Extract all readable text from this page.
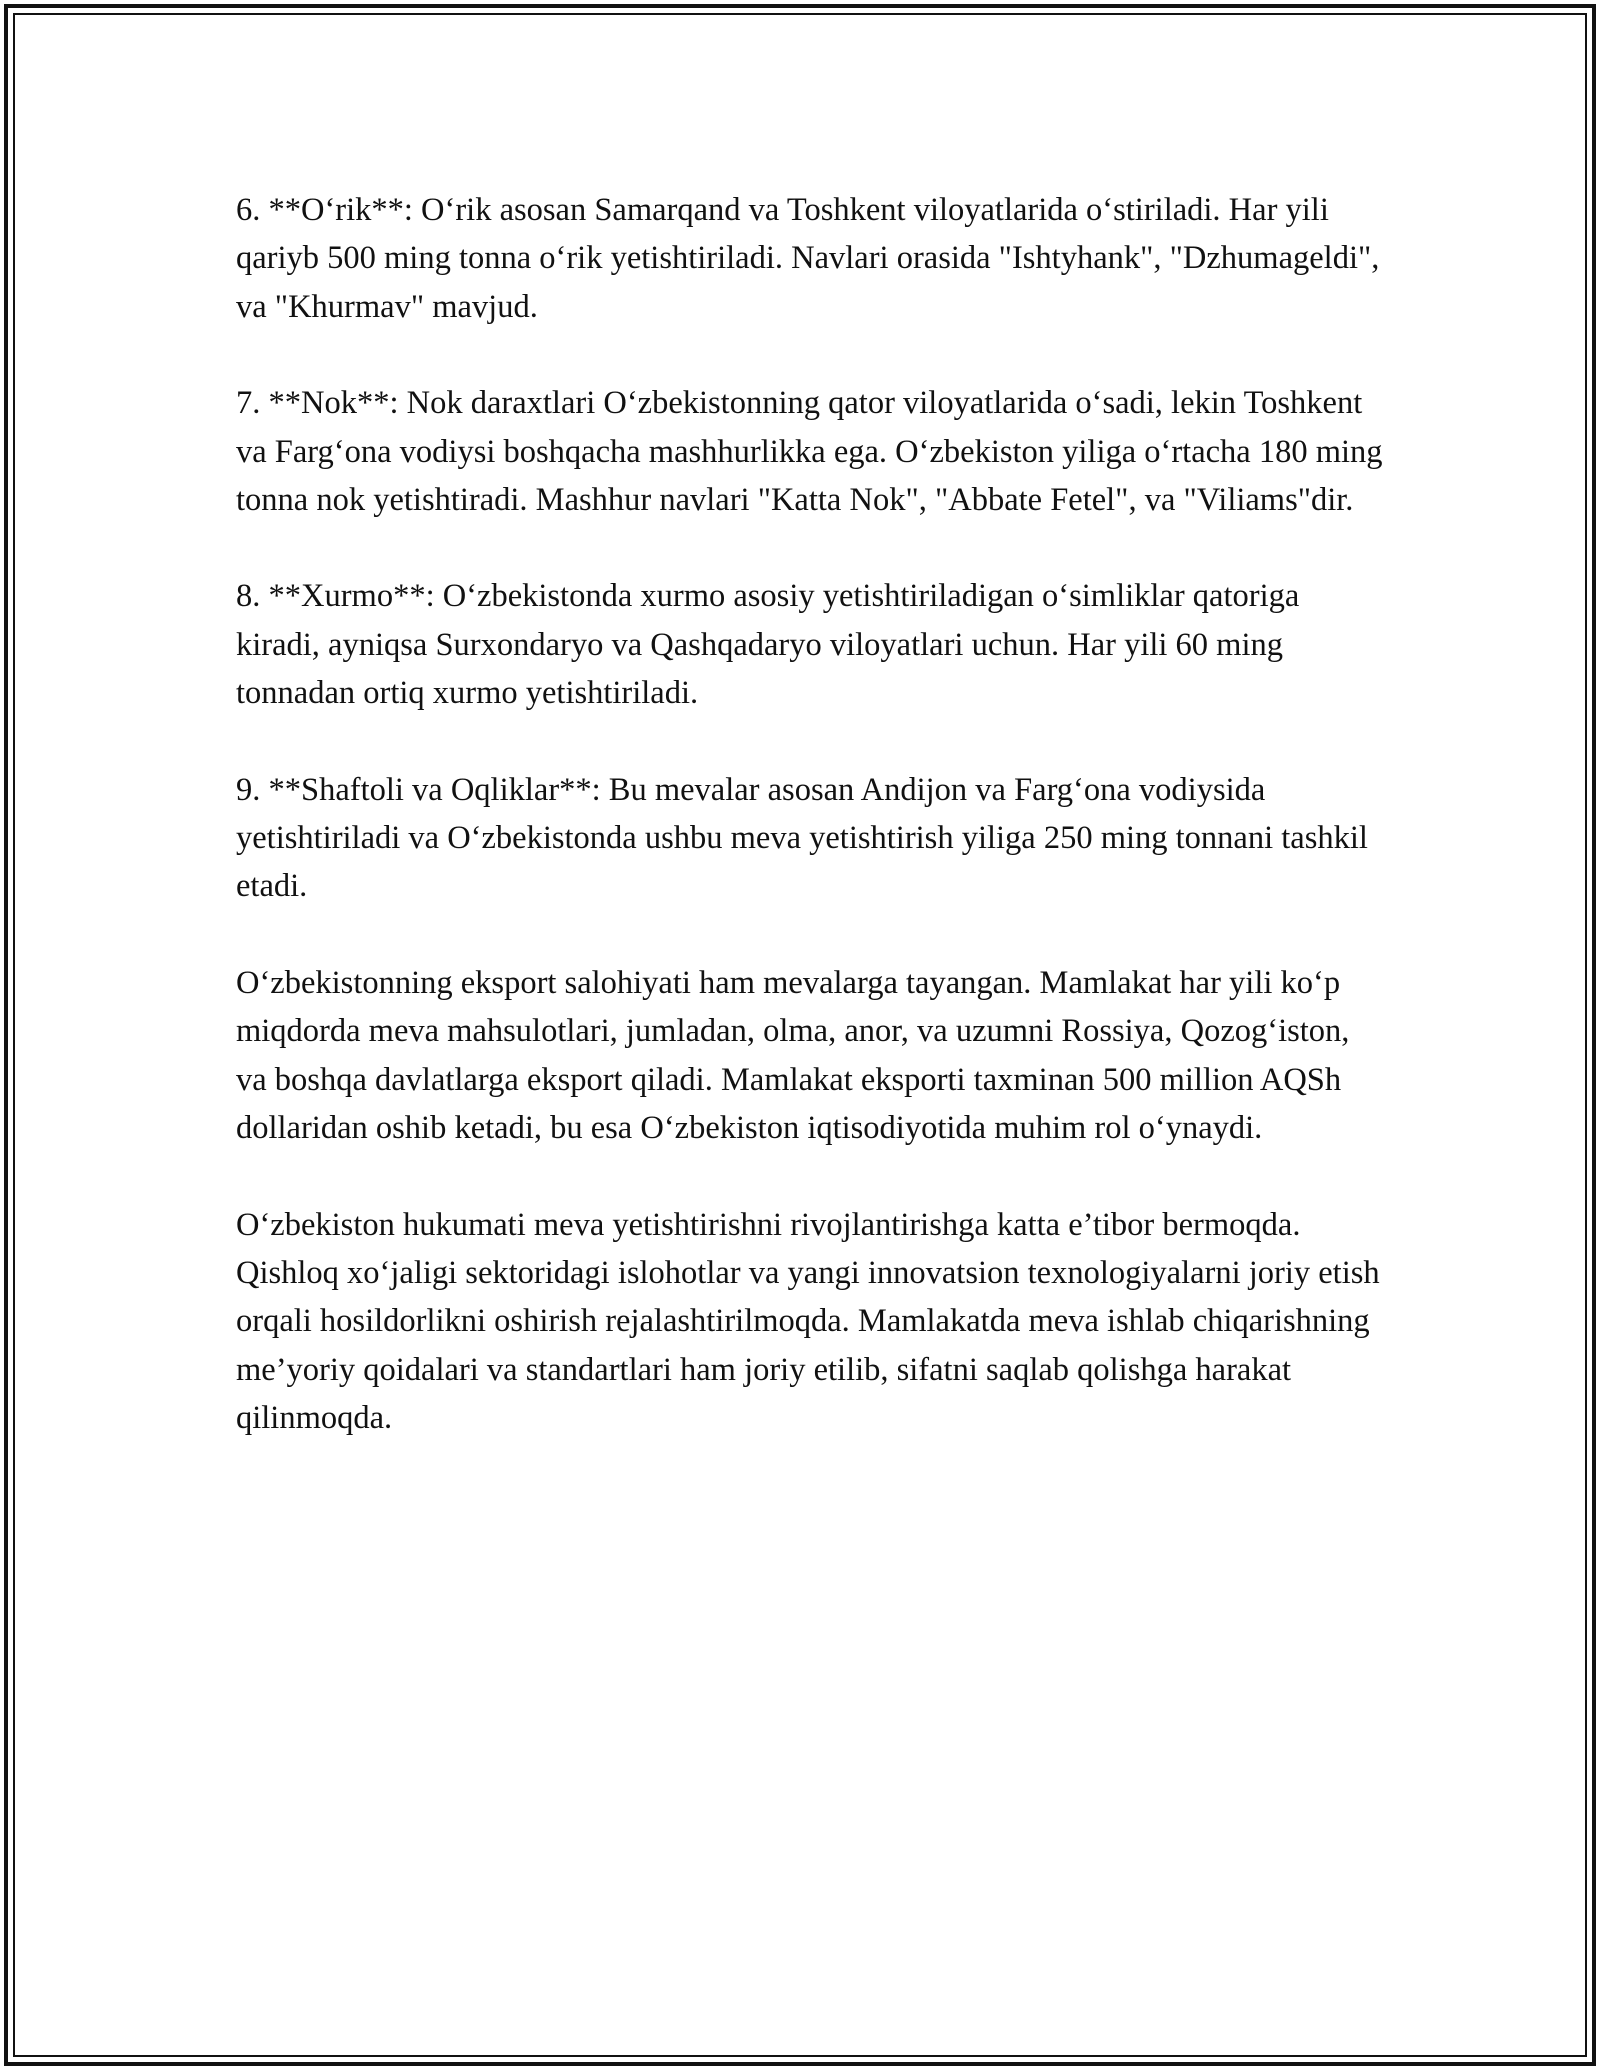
6. **O‘rik**: O‘rik asosan Samarqand va Toshkent viloyatlarida o‘stiriladi. Har yili qariyb 500 ming tonna o‘rik yetishtiriladi. Navlari orasida "Ishtyhank", "Dzhumageldi", va "Khurmav" mavjud.

7. **Nok**: Nok daraxtlari O‘zbekistonning qator viloyatlarida o‘sadi, lekin Toshkent va Farg‘ona vodiysi boshqacha mashhurlikka ega. O‘zbekiston yiliga o‘rtacha 180 ming tonna nok yetishtiradi. Mashhur navlari "Katta Nok", "Abbate Fetel", va "Viliams"dir.

8. **Xurmo**: O‘zbekistonda xurmo asosiy yetishtiriladigan o‘simliklar qatoriga kiradi, ayniqsa Surxondaryo va Qashqadaryo viloyatlari uchun. Har yili 60 ming tonnadan ortiq xurmo yetishtiriladi.

9. **Shaftoli va Oqliklar**: Bu mevalar asosan Andijon va Farg‘ona vodiysida yetishtiriladi va O‘zbekistonda ushbu meva yetishtirish yiliga 250 ming tonnani tashkil etadi.

O‘zbekistonning eksport salohiyati ham mevalarga tayangan. Mamlakat har yili ko‘p miqdorda meva mahsulotlari, jumladan, olma, anor, va uzumni Rossiya, Qozog‘iston, va boshqa davlatlarga eksport qiladi. Mamlakat eksporti taxminan 500 million AQSh dollaridan oshib ketadi, bu esa O‘zbekiston iqtisodiyotida muhim rol o‘ynaydi.

O‘zbekiston hukumati meva yetishtirishni rivojlantirishga katta e’tibor bermoqda. Qishloq xo‘jaligi sektoridagi islohotlar va yangi innovatsion texnologiyalarni joriy etish orqali hosildorlikni oshirish rejalashtirilmoqda. Mamlakatda meva ishlab chiqarishning me’yoriy qoidalari va standartlari ham joriy etilib, sifatni saqlab qolishga harakat qilinmoqda.
